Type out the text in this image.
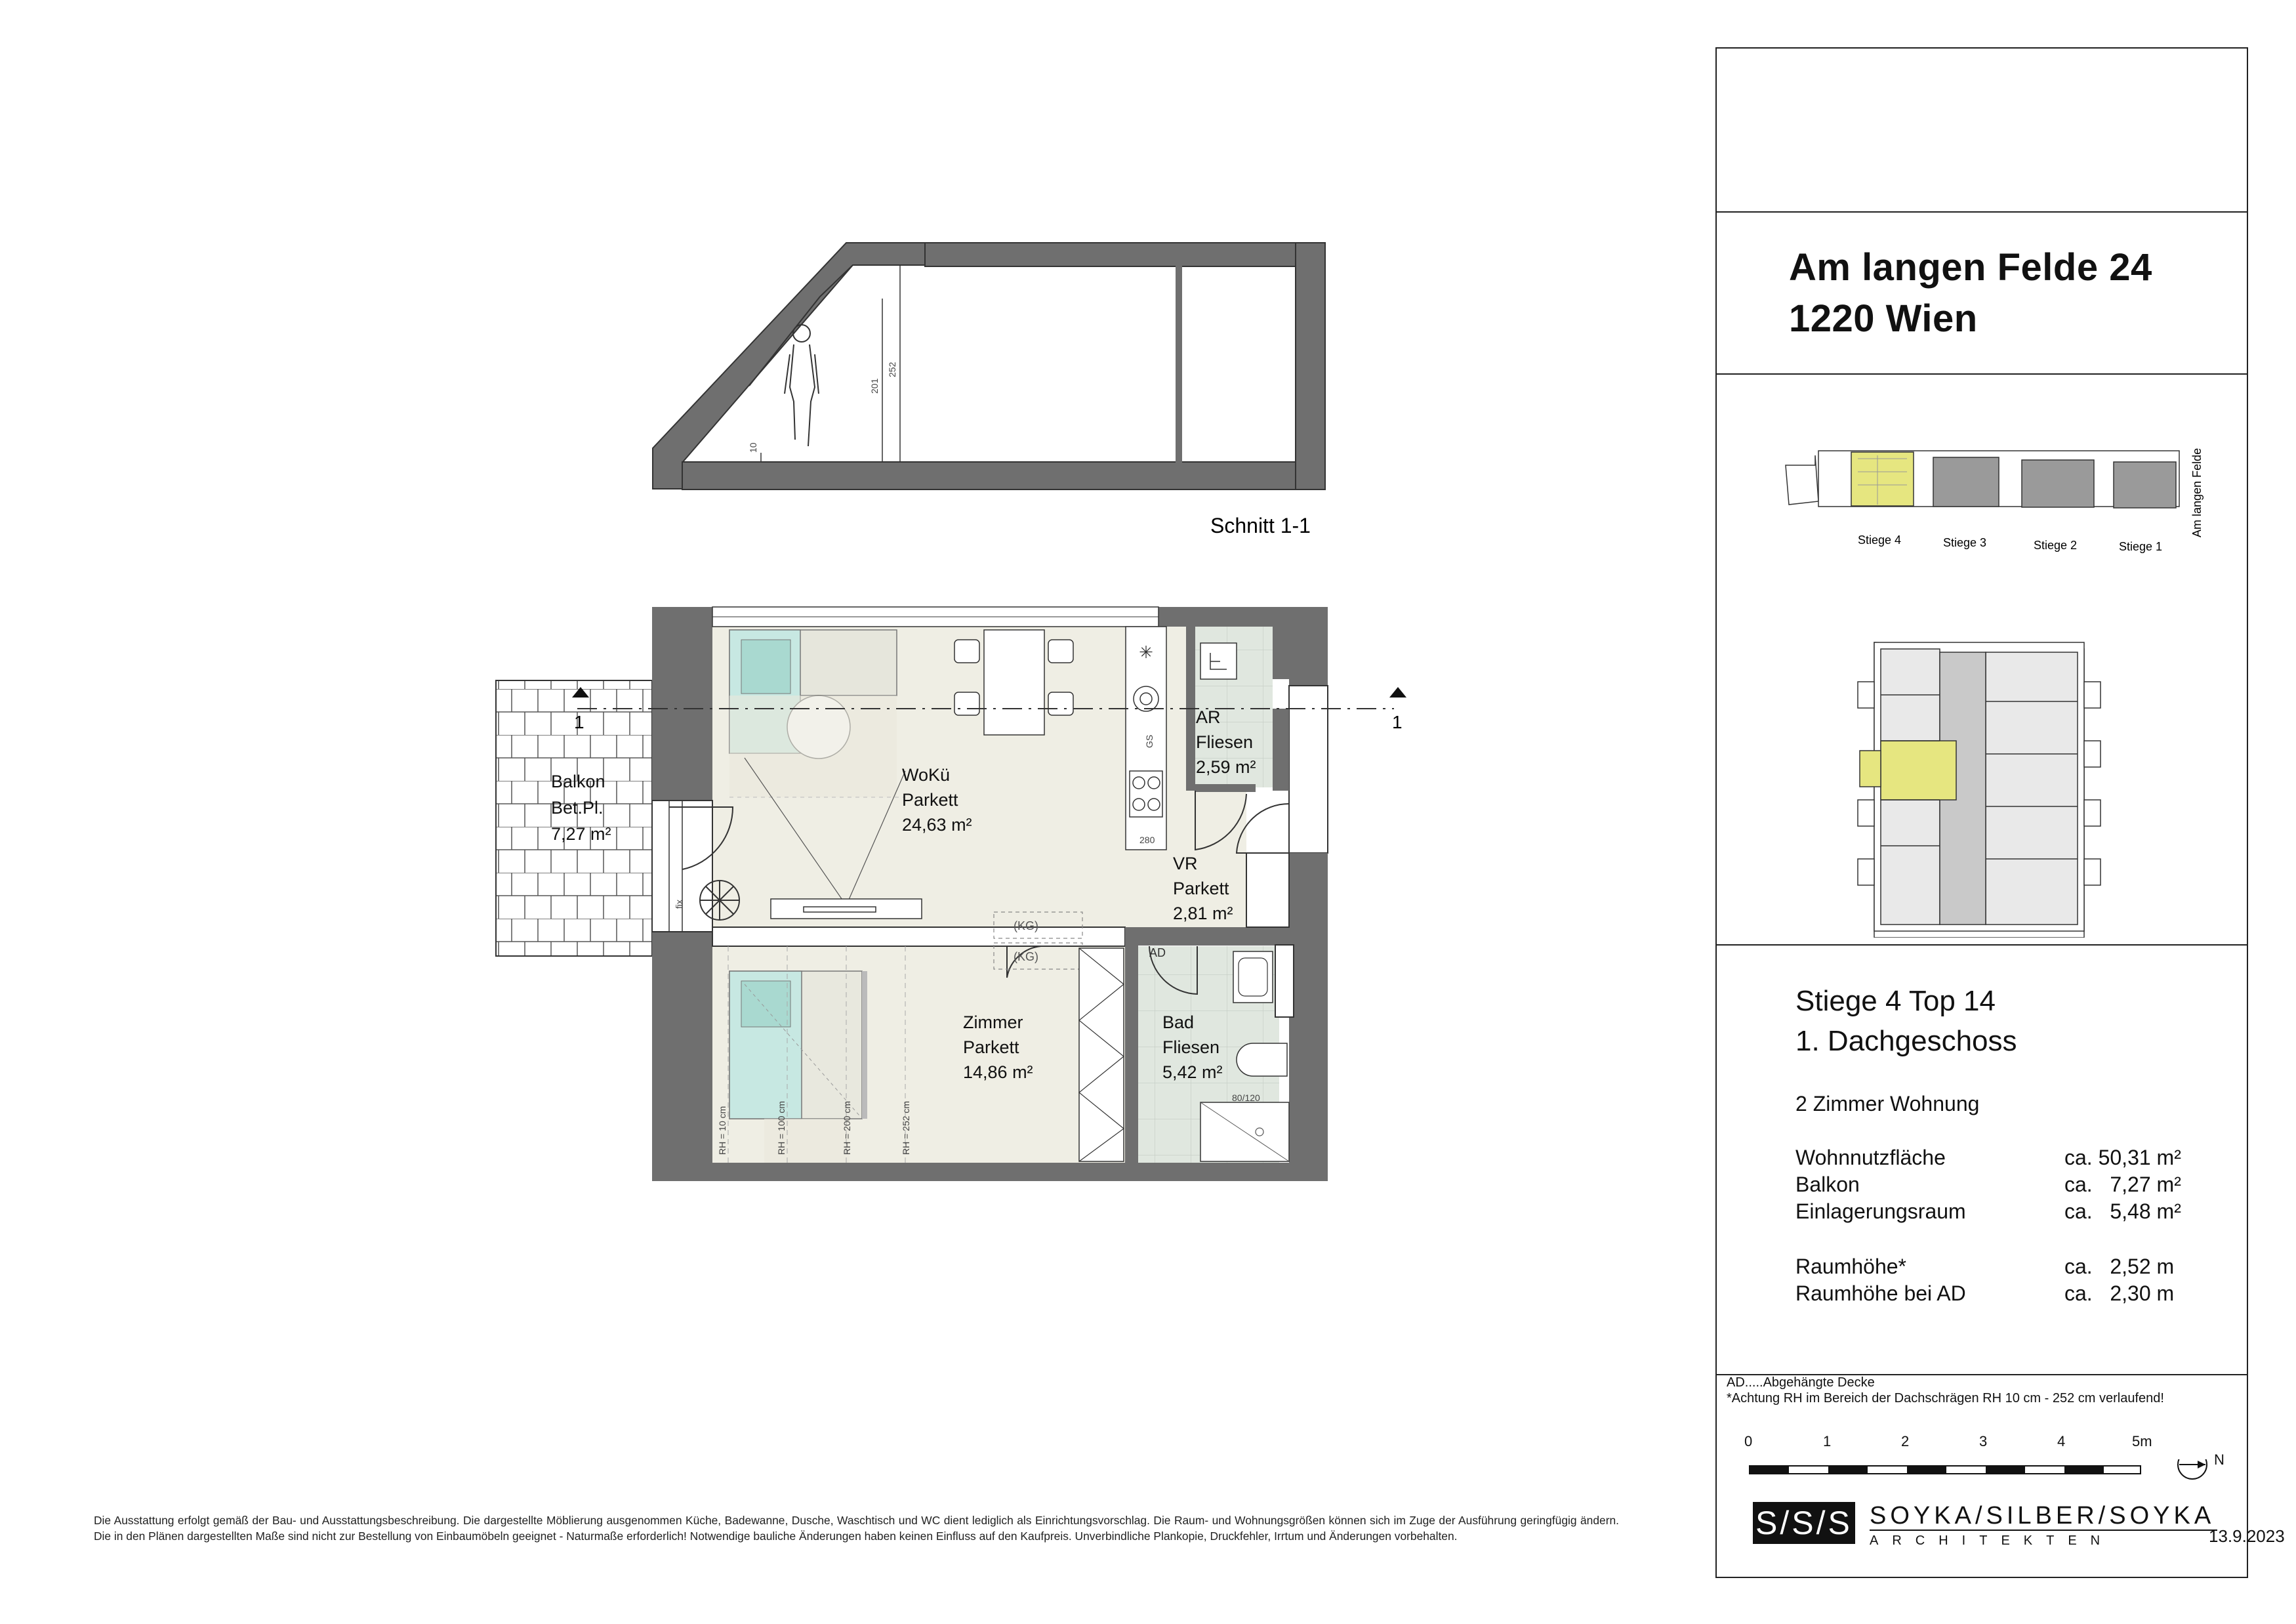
252
201
10
Schnitt 1-1
GS
280
✳
fix
(KG)
(KG)	AD
RH = 10 cm	RH = 100 cm	RH = 200 cm	RH = 252 cm
80/120
1	1
Balkon
Bet.Pl.
7,27 m²
WoKü
Parkett
24,63 m²
AR
Fliesen
2,59 m²
VR
Parkett
2,81 m²
Zimmer
Parkett
14,86 m²
Bad
Fliesen
5,42 m²
Am langen Felde 24
1220 Wien
Stiege 4	Stiege 3	Stiege 2	Stiege 1
Am langen Felde
Stiege 4 Top 14
1. Dachgeschoss
2 Zimmer Wohnung
Wohnnutzfläche	ca. 50,31 m²
Balkon	ca.   7,27 m²
Einlagerungsraum	ca.   5,48 m²
Raumhöhe*	ca.   2,52 m
Raumhöhe bei AD	ca.   2,30 m
AD.....Abgehängte Decke
*Achtung RH im Bereich der Dachschrägen RH 10 cm - 252 cm verlaufend!
0	1	2	3	4	5m
N
S/S/S SOYKA/SILBER/SOYKA
ARCHITEKTEN	13.9.2023
Die Ausstattung erfolgt gemäß der Bau- und Ausstattungsbeschreibung. Die dargestellte Möblierung ausgenommen Küche, Badewanne, Dusche, Waschtisch und WC dient lediglich als Einrichtungsvorschlag. Die Raum- und Wohnungsgrößen können sich im Zuge der Ausführung geringfügig ändern. Die in den Plänen dargestellten Maße sind nicht zur Bestellung von Einbaumöbeln geeignet - Naturmaße erforderlich! Notwendige bauliche Änderungen haben keinen Einfluss auf den Kaufpreis. Unverbindliche Plankopie, Druckfehler, Irrtum und Änderungen vorbehalten.
